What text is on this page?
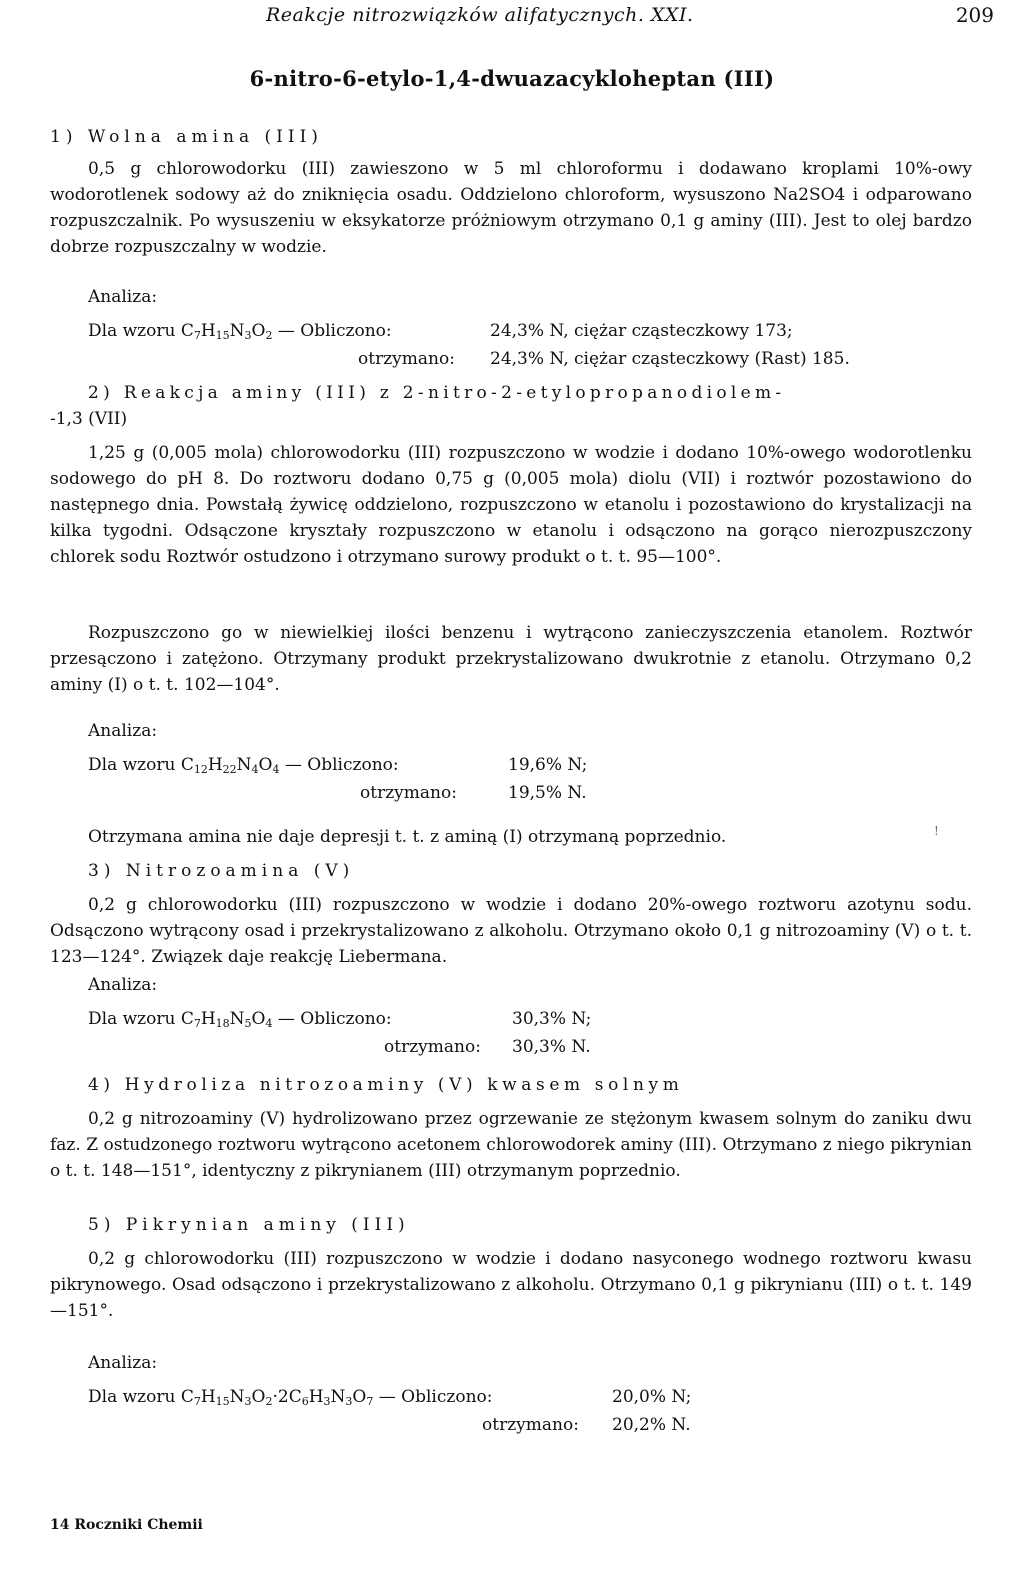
Reakcje nitrozwiązków alifatycznych. XXI.	209
6-nitro-6-etylo-1,4-dwuazacykloheptan (III)
1) Wolna amina (III)
0,5 g chlorowodorku (III) zawieszono w 5 ml chloroformu i dodawano kroplami 10%-owy wodorotlenek sodowy aż do zniknięcia osadu. Oddzielono chloroform, wysuszono Na2SO4 i odparowano rozpuszczalnik. Po wysuszeniu w eksykatorze próżniowym otrzymano 0,1 g aminy (III). Jest to olej bardzo dobrze rozpuszczalny w wodzie.
Analiza:
Dla wzoru $C_7H_{15}N_3O_2$ — Obliczono:	24,3% N, ciężar cząsteczkowy 173;
otrzymano: 24,3% N, ciężar cząsteczkowy (Rast) 185.
2) Reakcja aminy (III) z 2-nitro-2-etylopropanodiolem-
-1,3 (VII)
1,25 g (0,005 mola) chlorowodorku (III) rozpuszczono w wodzie i dodano 10%-owego wodorotlenku sodowego do pH 8. Do roztworu dodano 0,75 g (0,005 mola) diolu (VII) i roztwór pozostawiono do następnego dnia. Powstałą żywicę oddzielono, rozpuszczono w etanolu i pozostawiono do krystalizacji na kilka tygodni. Odsączone kryształy rozpuszczono w etanolu i odsączono na gorąco nierozpuszczony chlorek sodu Roztwór ostudzono i otrzymano surowy produkt o t. t. 95—100°.
Rozpuszczono go w niewielkiej ilości benzenu i wytrącono zanieczyszczenia etanolem. Roztwór przesączono i zatężono. Otrzymany produkt przekrystalizowano dwukrotnie z etanolu. Otrzymano 0,2 aminy (I) o t. t. 102—104°.
Analiza:
Dla wzoru $C_{12}H_{22}N_4O_4$ — Obliczono:	19,6% N;
otrzymano:	19,5% N.
Otrzymana amina nie daje depresji t. t. z aminą (I) otrzymaną poprzednio.	!
3) Nitrozoamina (V)
0,2 g chlorowodorku (III) rozpuszczono w wodzie i dodano 20%-owego roztworu azotynu sodu. Odsączono wytrącony osad i przekrystalizowano z alkoholu. Otrzymano około 0,1 g nitrozoaminy (V) o t. t. 123—124°. Związek daje reakcję Liebermana.
Analiza:
Dla wzoru $C_7H_{18}N_5O_4$ — Obliczono:	30,3% N;
otrzymano: 30,3% N.
4) Hydroliza nitrozoaminy (V) kwasem solnym
0,2 g nitrozoaminy (V) hydrolizowano przez ogrzewanie ze stężonym kwasem solnym do zaniku dwu faz. Z ostudzonego roztworu wytrącono acetonem chlorowodorek aminy (III). Otrzymano z niego pikrynian o t. t. 148—151°, identyczny z pikrynianem (III) otrzymanym poprzednio.
5) Pikrynian aminy (III)
0,2 g chlorowodorku (III) rozpuszczono w wodzie i dodano nasyconego wodnego roztworu kwasu pikrynowego. Osad odsączono i przekrystalizowano z alkoholu. Otrzymano 0,1 g pikrynianu (III) o t. t. 149—151°.
Analiza:
Dla wzoru $C_7H_{15}N_3O_2\cdot 2C_6H_3N_3O_7$ — Obliczono:	20,0% N;
otrzymano: 20,2% N.
14 Roczniki Chemii
